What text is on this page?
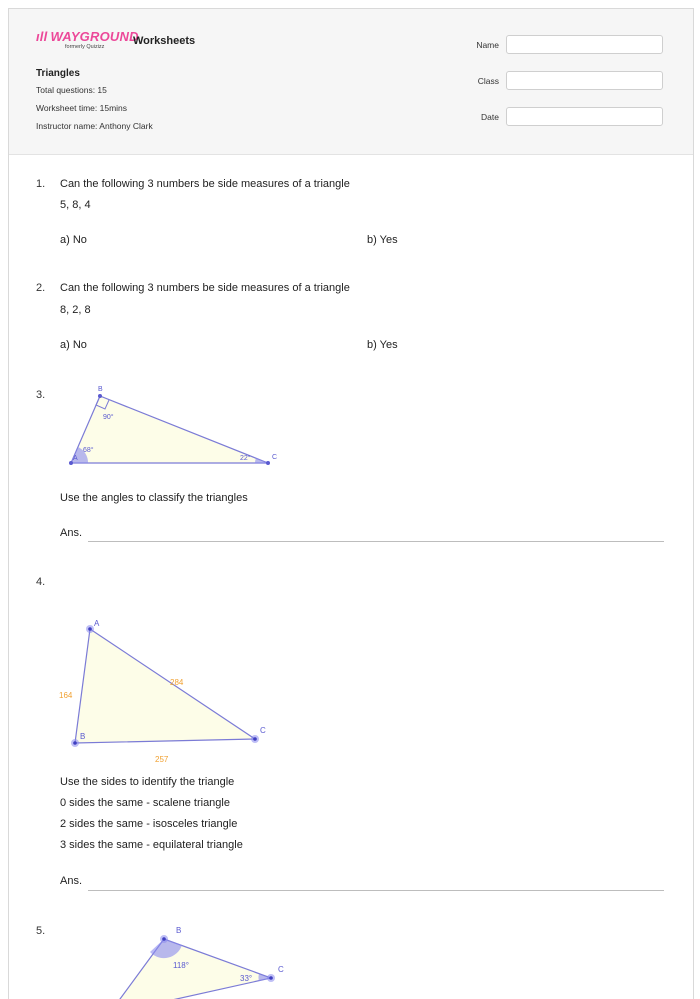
ıll WAYGROUND
formerly Quizizz	Worksheets
Triangles
Total questions: 15
Worksheet time: 15mins
Instructor name: Anthony Clark
Name
Class
Date
1. Can the following 3 numbers be side measures of a triangle
5, 8, 4
a) No	b) Yes
2. Can the following 3 numbers be side measures of a triangle
8, 2, 8
a) No	b) Yes
3.
A
B
C
68°
90°
22°
Use the angles to classify the triangles
Ans.
4.
A
B
C
164
284
257
Use the sides to identify the triangle
0 sides the same - scalene triangle
2 sides the same - isosceles triangle
3 sides the same - equilateral triangle
Ans.
5.	B
C
118°
33°
